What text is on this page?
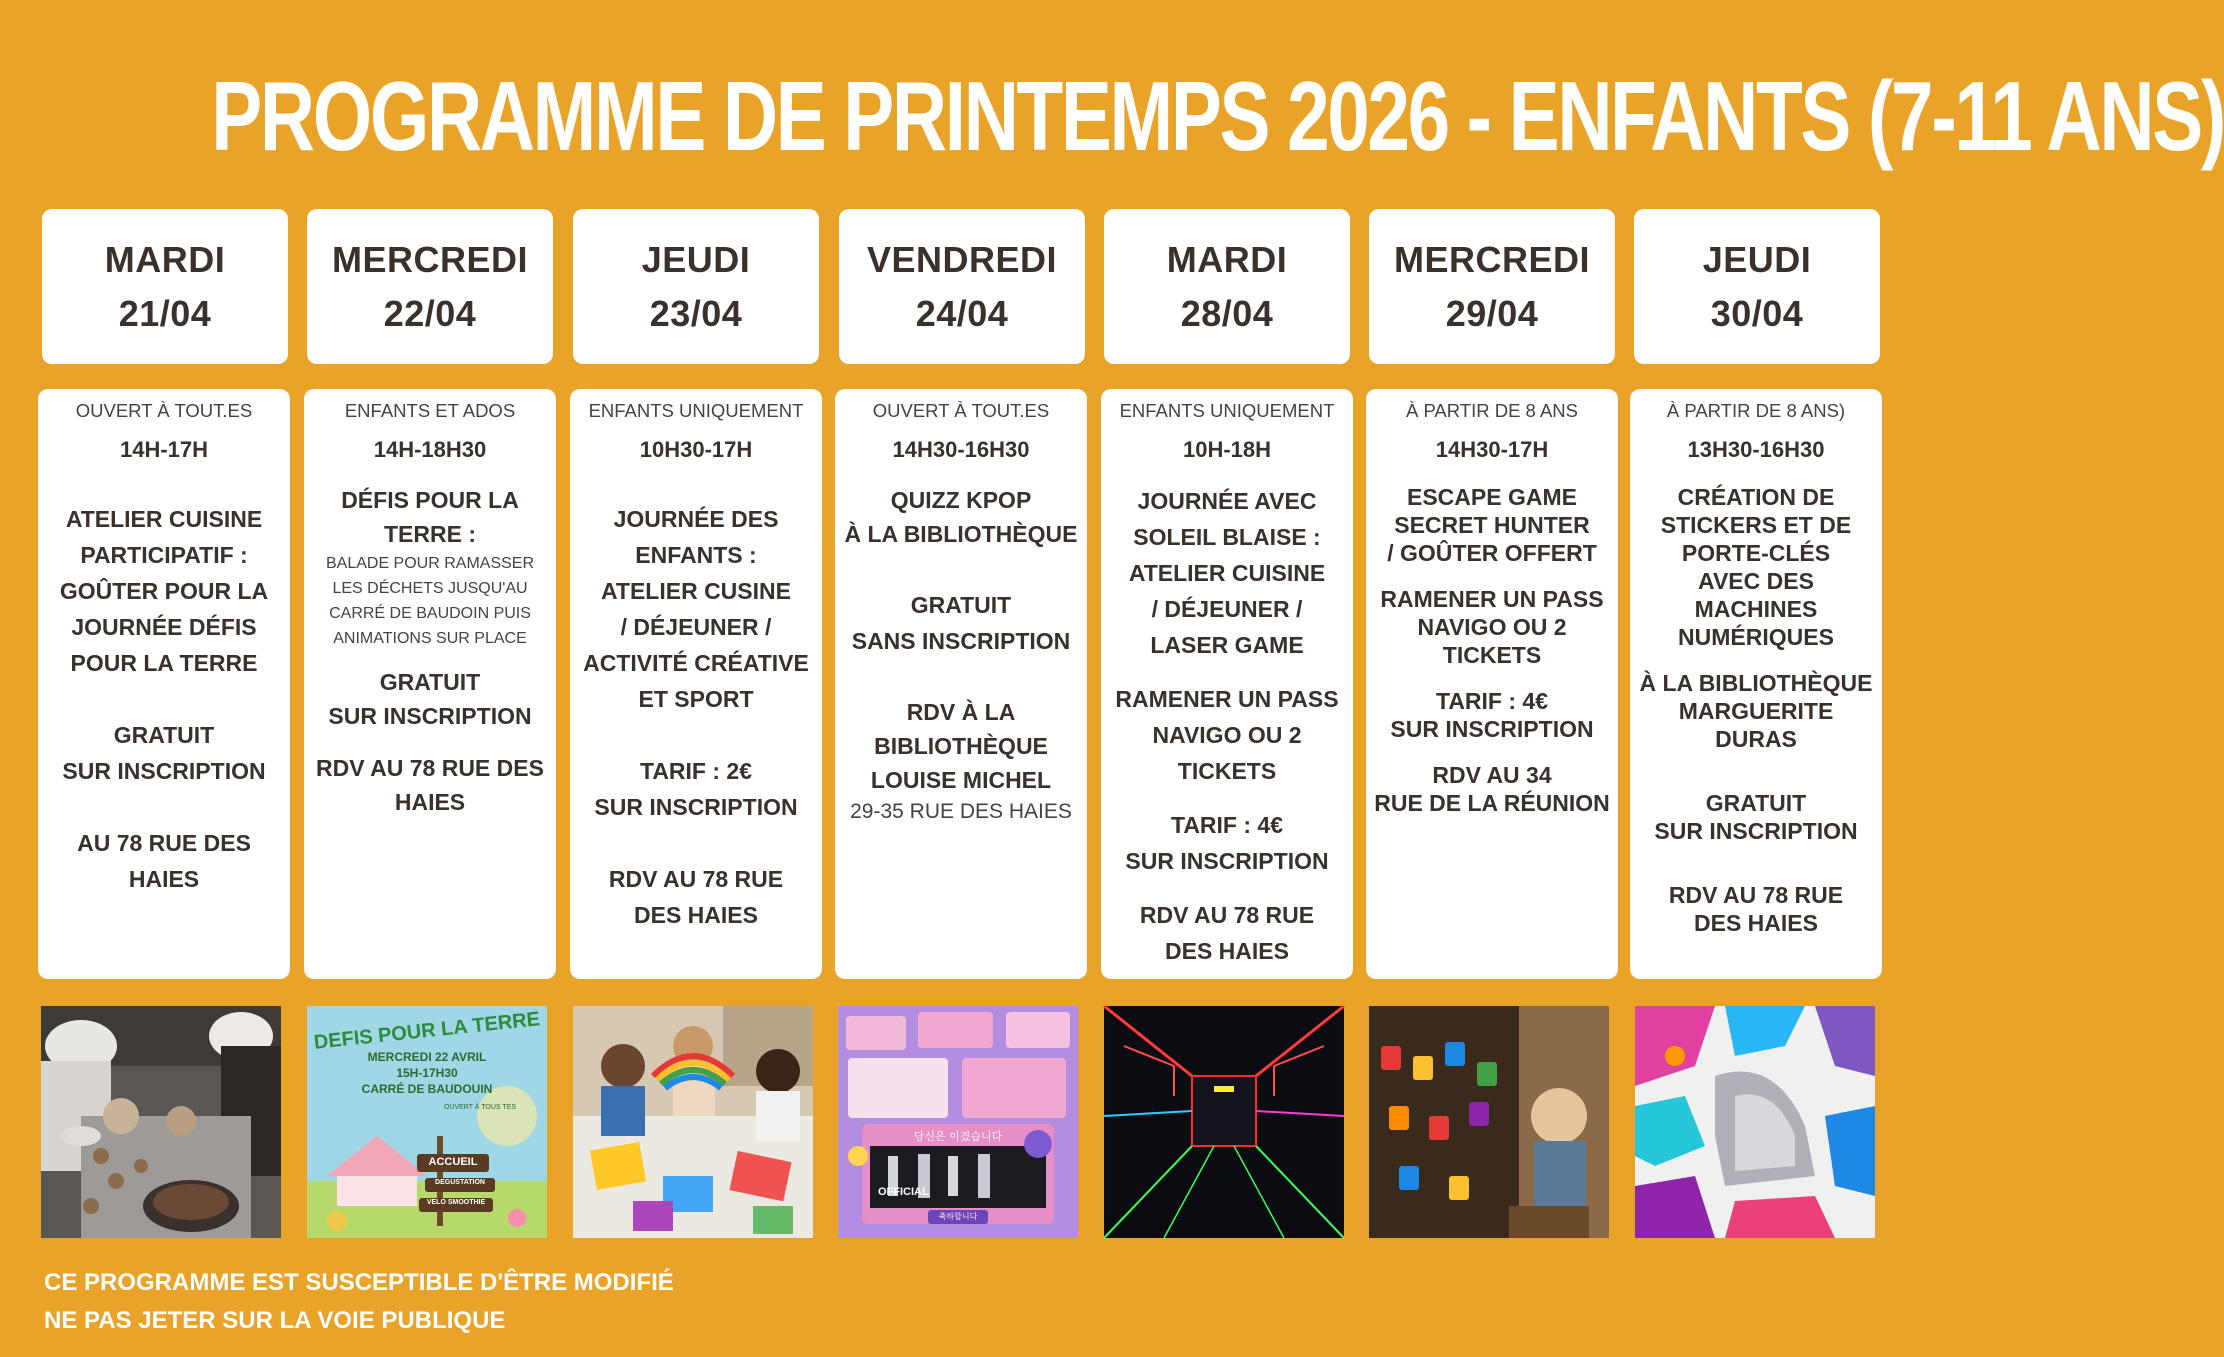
PROGRAMME DE PRINTEMPS 2026 - ENFANTS (7-11 ANS)
MARDI
21/04
MERCREDI
22/04
JEUDI
23/04
VENDREDI
24/04
MARDI
28/04
MERCREDI
29/04
JEUDI
30/04
OUVERT À TOUT.ES
14H-17H
ATELIER CUISINE
PARTICIPATIF :
GOÛTER POUR LA
JOURNÉE DÉFIS
POUR LA TERRE
GRATUIT
SUR INSCRIPTION
AU 78 RUE DES
HAIES
ENFANTS ET ADOS
14H-18H30
DÉFIS POUR LA
TERRE :
BALADE POUR RAMASSER
LES DÉCHETS JUSQU'AU
CARRÉ DE BAUDOIN PUIS
ANIMATIONS SUR PLACE
GRATUIT
SUR INSCRIPTION
RDV AU 78 RUE DES
HAIES
ENFANTS UNIQUEMENT
10H30-17H
JOURNÉE DES
ENFANTS :
ATELIER CUSINE
/ DÉJEUNER /
ACTIVITÉ CRÉATIVE
ET SPORT
TARIF : 2€
SUR INSCRIPTION
RDV AU 78 RUE
DES HAIES
OUVERT À TOUT.ES
14H30-16H30
QUIZZ KPOP
À LA BIBLIOTHÈQUE
GRATUIT
SANS INSCRIPTION
RDV À LA
BIBLIOTHÈQUE
LOUISE MICHEL
29-35 RUE DES HAIES
ENFANTS UNIQUEMENT
10H-18H
JOURNÉE AVEC
SOLEIL BLAISE :
ATELIER CUISINE
/ DÉJEUNER /
LASER GAME
RAMENER UN PASS
NAVIGO OU 2
TICKETS
TARIF : 4€
SUR INSCRIPTION
RDV AU 78 RUE
DES HAIES
À PARTIR DE 8 ANS
14H30-17H
ESCAPE GAME
SECRET HUNTER
/ GOÛTER OFFERT
RAMENER UN PASS
NAVIGO OU 2
TICKETS
TARIF : 4€
SUR INSCRIPTION
RDV AU 34
RUE DE LA RÉUNION
À PARTIR DE 8 ANS)
13H30-16H30
CRÉATION DE
STICKERS ET DE
PORTE-CLÉS
AVEC DES
MACHINES
NUMÉRIQUES
À LA BIBLIOTHÈQUE
MARGUERITE DURAS
GRATUIT
SUR INSCRIPTION
RDV AU 78 RUE
DES HAIES
DEFIS POUR LA TERRE
MERCREDI 22 AVRIL
15H-17H30
CARRÉ DE BAUDOUIN
OUVERT À TOUS TES
ACCUEIL
DEGUSTATION
VELO SMOOTHIE
당신은 이겼습니다
OFFICIAL
축하합니다
CE PROGRAMME EST SUSCEPTIBLE D'ÊTRE MODIFIÉ
NE PAS JETER SUR LA VOIE PUBLIQUE
